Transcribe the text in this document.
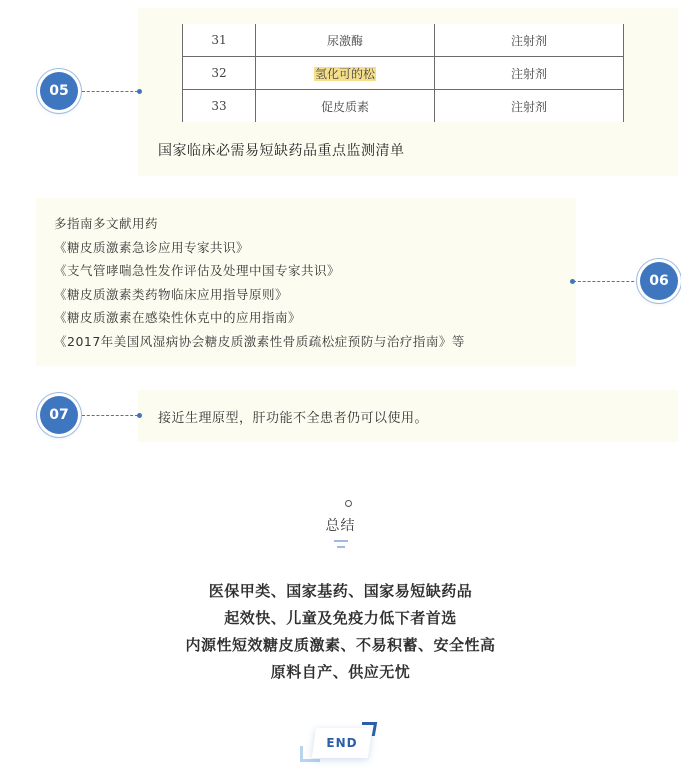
31	尿激酶	注射剂
32	氢化可的松	注射剂
33	促皮质素	注射剂
国家临床必需易短缺药品重点监测清单
05
多指南多文献用药
《糖皮质激素急诊应用专家共识》
《支气管哮喘急性发作评估及处理中国专家共识》
《糖皮质激素类药物临床应用指导原则》
《糖皮质激素在感染性休克中的应用指南》
《2017年美国风湿病协会糖皮质激素性骨质疏松症预防与治疗指南》等
06
接近生理原型，肝功能不全患者仍可以使用。
07
总结
医保甲类、国家基药、国家易短缺药品
起效快、儿童及免疫力低下者首选
内源性短效糖皮质激素、不易积蓄、安全性高
原料自产、供应无忧
END
